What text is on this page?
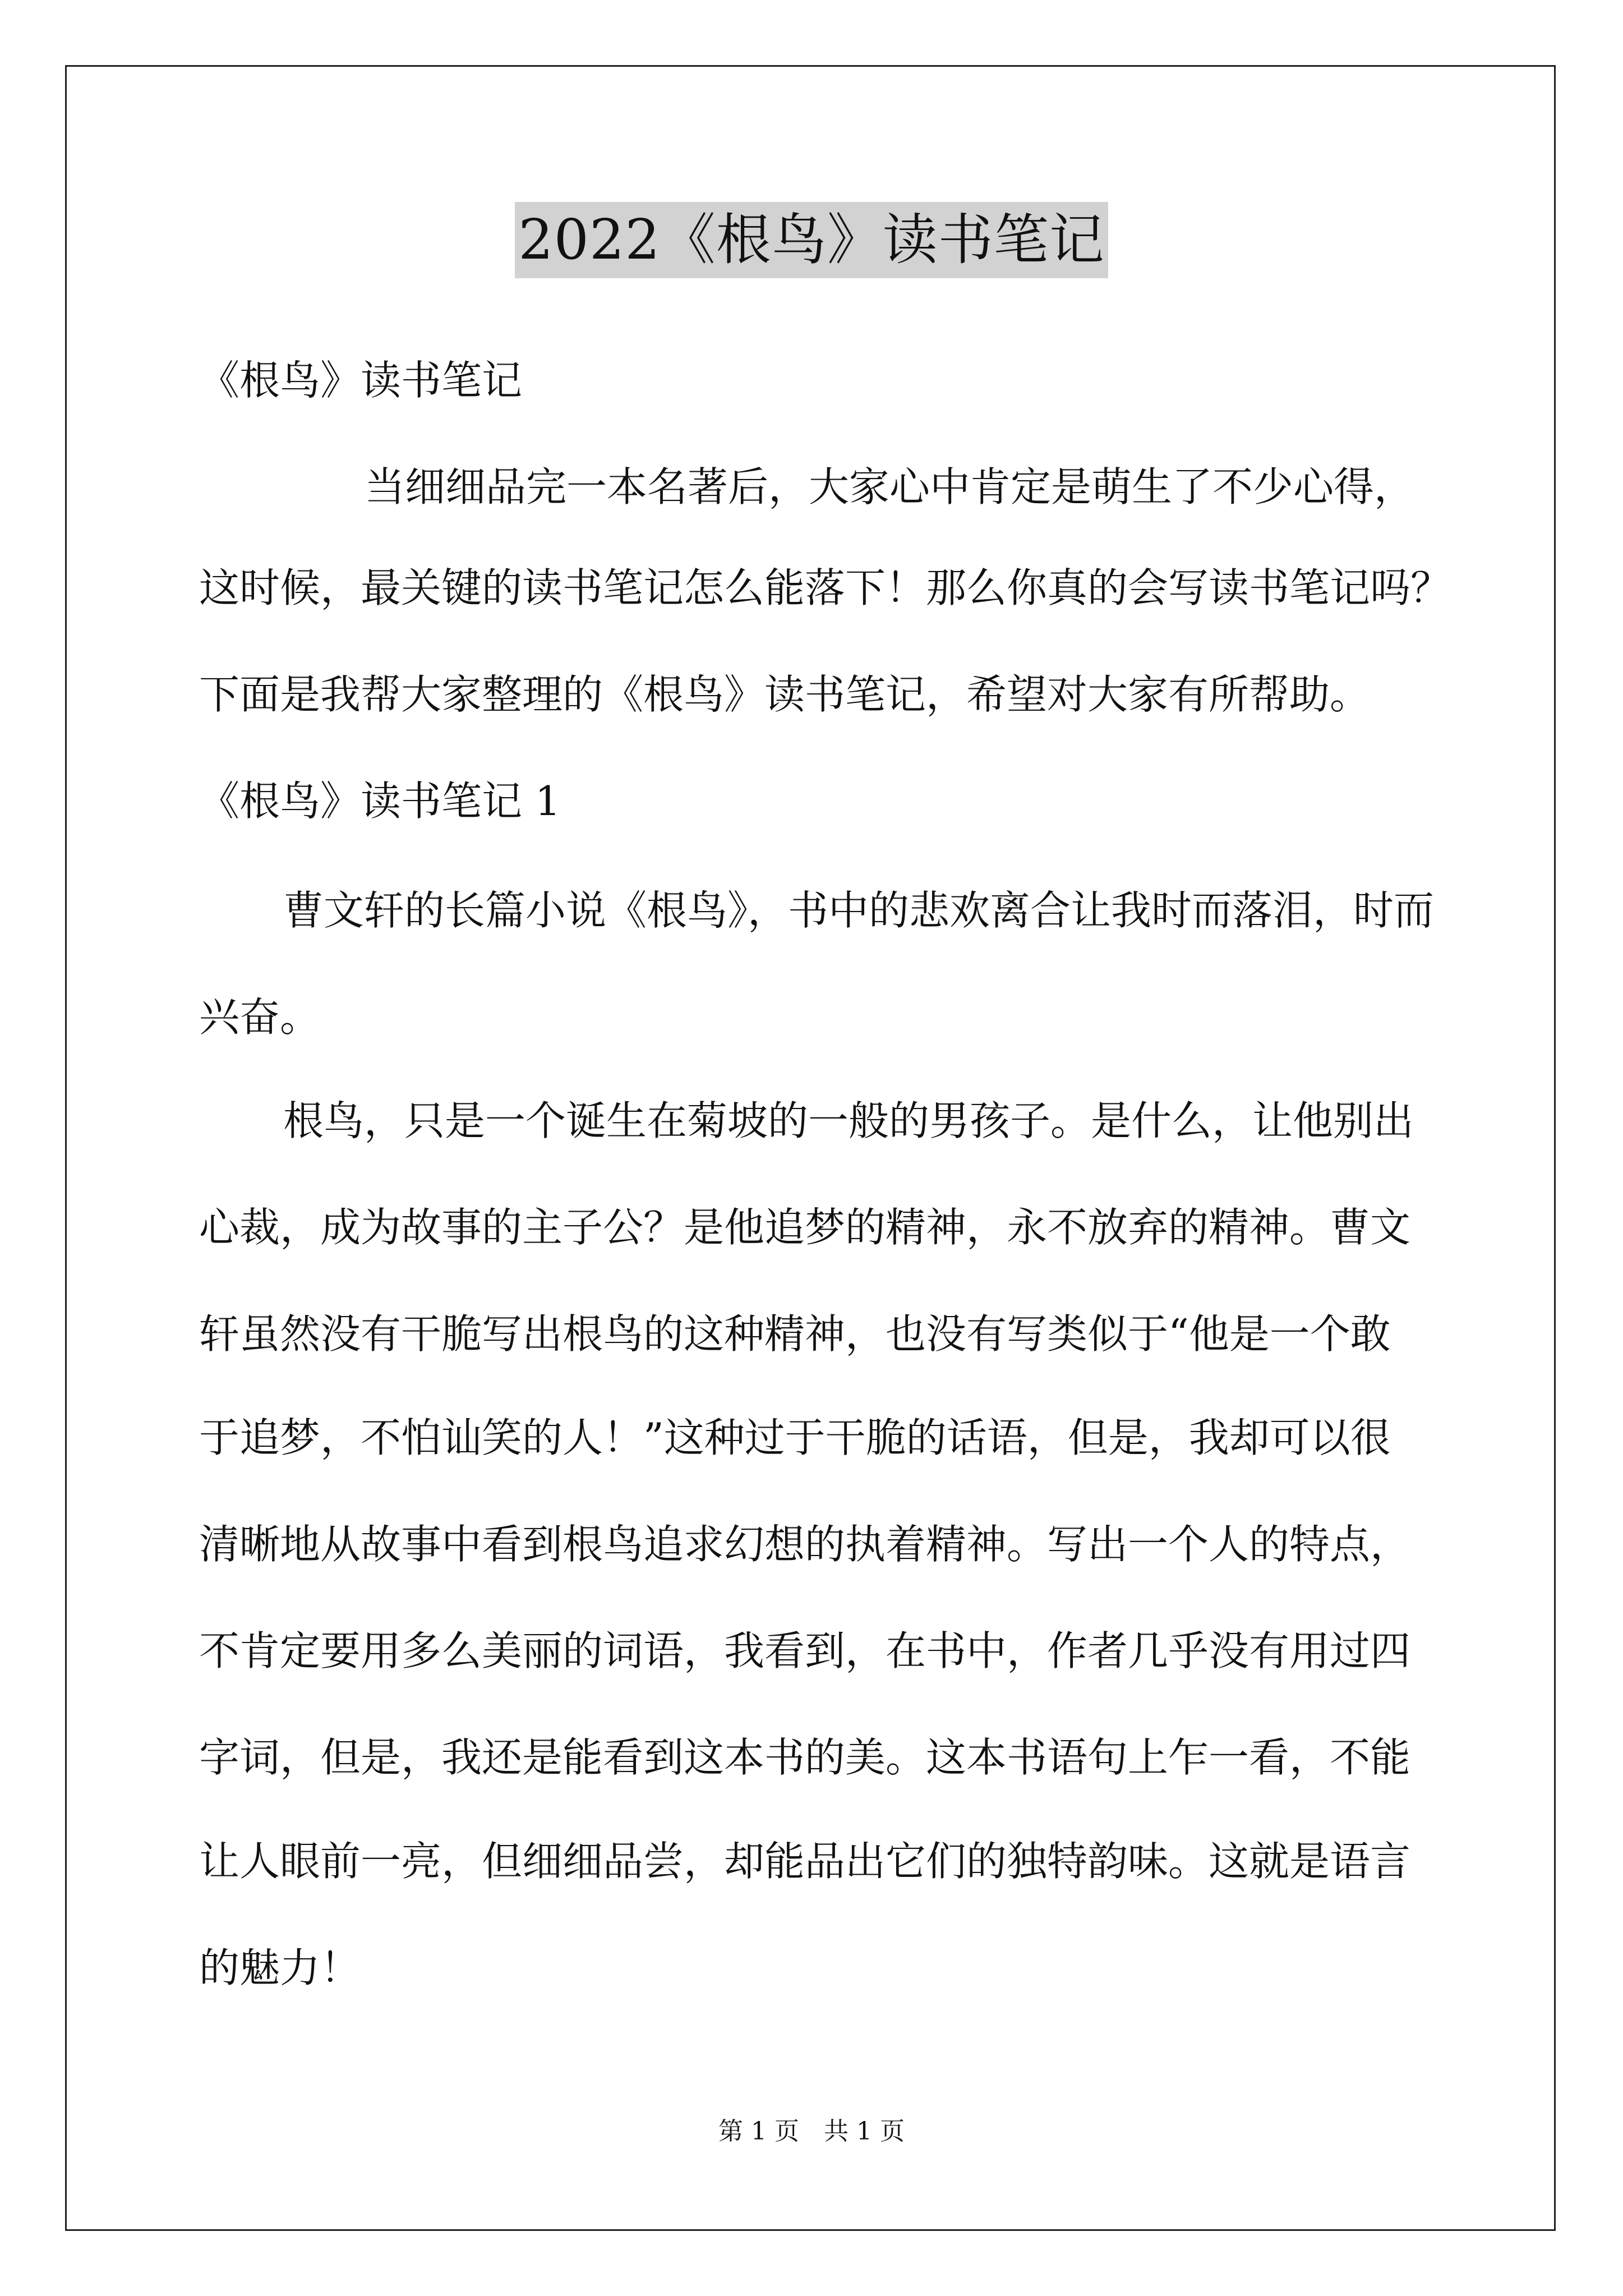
2022《根鸟》读书笔记
《根鸟》读书笔记
当细细品完一本名著后，大家心中肯定是萌生了不少心得，
这时候，最关键的读书笔记怎么能落下！那么你真的会写读书笔记吗？
下面是我帮大家整理的《根鸟》读书笔记，希望对大家有所帮助。
《根鸟》读书笔记 1
曹文轩的长篇小说《根鸟》，书中的悲欢离合让我时而落泪，时而
兴奋。
根鸟，只是一个诞生在菊坡的一般的男孩子。是什么，让他别出
心裁，成为故事的主子公？是他追梦的精神，永不放弃的精神。曹文
轩虽然没有干脆写出根鸟的这种精神，也没有写类似于“他是一个敢
于追梦，不怕讪笑的人！”这种过于干脆的话语，但是，我却可以很
清晰地从故事中看到根鸟追求幻想的执着精神。写出一个人的特点，
不肯定要用多么美丽的词语，我看到，在书中，作者几乎没有用过四
字词，但是，我还是能看到这本书的美。这本书语句上乍一看，不能
让人眼前一亮，但细细品尝，却能品出它们的独特韵味。这就是语言
的魅力！
第 1 页　共 1 页
